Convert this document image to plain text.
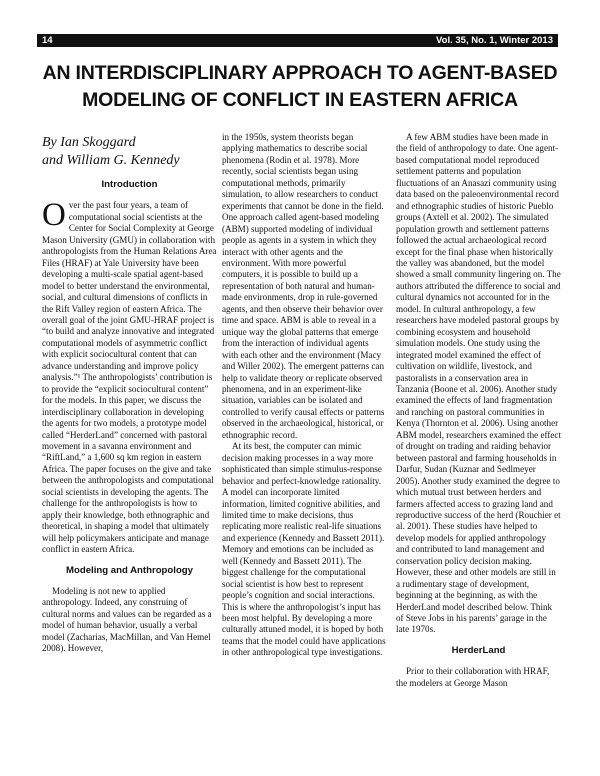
14	Vol. 35, No. 1, Winter 2013
AN INTERDISCIPLINARY APPROACH TO AGENT-BASED
MODELING OF CONFLICT IN EASTERN AFRICA
By Ian Skoggard
and William G. Kennedy
Introduction

Over the past four years, a team of computational social scientists at the Center for Social Complexity at George Mason University (GMU) in collaboration with anthropologists from the Human Relations Area Files (HRAF) at Yale University have been developing a multi-scale spatial agent-based model to better understand the environmental, social, and cultural dimensions of conflicts in the Rift Valley region of eastern Africa. The overall goal of the joint GMU-HRAF project is “to build and analyze innovative and integrated computational models of asymmetric conflict with explicit sociocultural content that can advance understanding and improve policy analysis.”¹ The anthropologists’ contribution is to provide the “explicit sociocultural content” for the models. In this paper, we discuss the interdisciplinary collaboration in developing the agents for two models, a prototype model called “HerderLand” concerned with pastoral movement in a savanna environment and “RiftLand,” a 1,600 sq km region in eastern Africa. The paper focuses on the give and take between the anthropologists and computational social scientists in developing the agents. The challenge for the anthropologists is how to apply their knowledge, both ethnographic and theoretical, in shaping a model that ultimately will help policymakers anticipate and manage conflict in eastern Africa.

Modeling and Anthropology

Modeling is not new to applied anthropology. Indeed, any construing of cultural norms and values can be regarded as a model of human behavior, usually a verbal model (Zacharias, MacMillan, and Van Hemel 2008). However,

in the 1950s, system theorists began applying mathematics to describe social phenomena (Rodin et al. 1978). More recently, social scientists began using computational methods, primarily simulation, to allow researchers to conduct experiments that cannot be done in the field. One approach called agent-based modeling (ABM) supported modeling of individual people as agents in a system in which they interact with other agents and the environment. With more powerful computers, it is possible to build up a representation of both natural and human-made environments, drop in rule-governed agents, and then observe their behavior over time and space. ABM is able to reveal in a unique way the global patterns that emerge from the interaction of individual agents with each other and the environment (Macy and Willer 2002). The emergent patterns can help to validate theory or replicate observed phenomena, and in an experiment-like situation, variables can be isolated and controlled to verify causal effects or patterns observed in the archaeological, historical, or ethnographic record.

At its best, the computer can mimic decision making processes in a way more sophisticated than simple stimulus-response behavior and perfect-knowledge rationality. A model can incorporate limited information, limited cognitive abilities, and limited time to make decisions, thus replicating more realistic real-life situations and experience (Kennedy and Bassett 2011). Memory and emotions can be included as well (Kennedy and Bassett 2011). The biggest challenge for the computational social scientist is how best to represent people’s cognition and social interactions. This is where the anthropologist’s input has been most helpful. By developing a more culturally attuned model, it is hoped by both teams that the model could have applications in other anthropological type investigations.

A few ABM studies have been made in the field of anthropology to date. One agent-based computational model reproduced settlement patterns and population fluctuations of an Anasazi community using data based on the paleoenvironmental record and ethnographic studies of historic Pueblo groups (Axtell et al. 2002). The simulated population growth and settlement patterns followed the actual archaeological record except for the final phase when historically the valley was abandoned, but the model showed a small community lingering on. The authors attributed the difference to social and cultural dynamics not accounted for in the model. In cultural anthropology, a few researchers have modeled pastoral groups by combining ecosystem and household simulation models. One study using the integrated model examined the effect of cultivation on wildlife, livestock, and pastoralists in a conservation area in Tanzania (Boone et al. 2006). Another study examined the effects of land fragmentation and ranching on pastoral communities in Kenya (Thornton et al. 2006). Using another ABM model, researchers examined the effect of drought on trading and raiding behavior between pastoral and farming households in Darfur, Sudan (Kuznar and Sedlmeyer 2005). Another study examined the degree to which mutual trust between herders and farmers affected access to grazing land and reproductive success of the herd (Rouchier et al. 2001). These studies have helped to develop models for applied anthropology and contributed to land management and conservation policy decision making. However, these and other models are still in a rudimentary stage of development, beginning at the beginning, as with the HerderLand model described below. Think of Steve Jobs in his parents’ garage in the late 1970s.

HerderLand

Prior to their collaboration with HRAF, the modelers at George Mason
